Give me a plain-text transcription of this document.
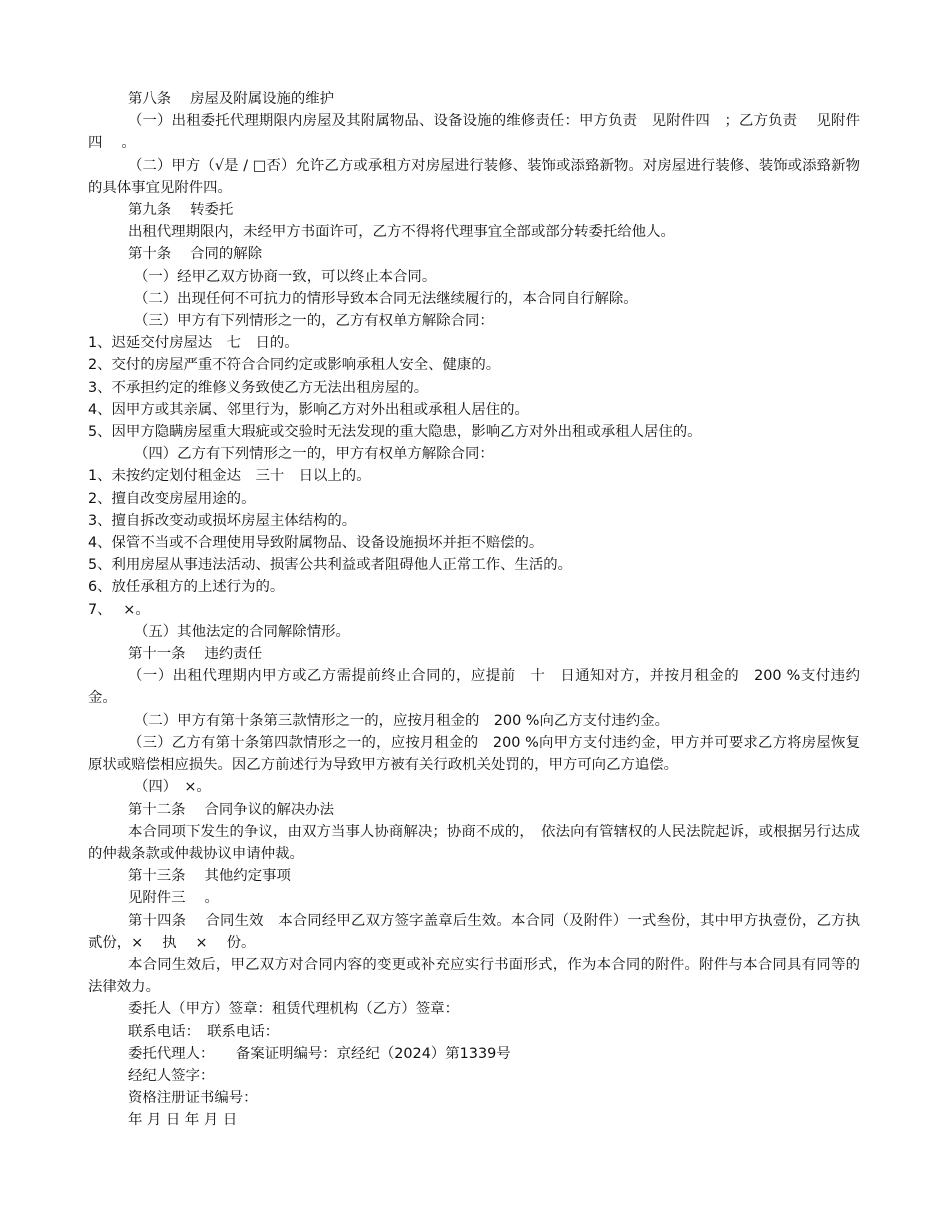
第八条　 房屋及附属设施的维护
（一）出租委托代理期限内房屋及其附属物品、设备设施的维修责任：甲方负责　见附件四　；乙方负责　 见附件四　 。
（二）甲方（√是 / □否）允许乙方或承租方对房屋进行装修、装饰或添臵新物。对房屋进行装修、装饰或添臵新物的具体事宜见附件四。
第九条　 转委托
出租代理期限内，未经甲方书面许可，乙方不得将代理事宜全部或部分转委托给他人。
第十条　 合同的解除
（一）经甲乙双方协商一致，可以终止本合同。
（二）出现任何不可抗力的情形导致本合同无法继续履行的，本合同自行解除。
（三）甲方有下列情形之一的，乙方有权单方解除合同：
1、迟延交付房屋达　七　日的。
2、交付的房屋严重不符合合同约定或影响承租人安全、健康的。
3、不承担约定的维修义务致使乙方无法出租房屋的。
4、因甲方或其亲属、邻里行为，影响乙方对外出租或承租人居住的。
5、因甲方隐瞒房屋重大瑕疵或交验时无法发现的重大隐患，影响乙方对外出租或承租人居住的。
（四）乙方有下列情形之一的，甲方有权单方解除合同：
1、未按约定划付租金达　三十　日以上的。
2、擅自改变房屋用途的。
3、擅自拆改变动或损坏房屋主体结构的。
4、保管不当或不合理使用导致附属物品、设备设施损坏并拒不赔偿的。
5、利用房屋从事违法活动、损害公共利益或者阻碍他人正常工作、生活的。
6、放任承租方的上述行为的。
7、　 ×。
（五）其他法定的合同解除情形。
第十一条　 违约责任
（一）出租代理期内甲方或乙方需提前终止合同的，应提前　十　日通知对方，并按月租金的　200 %支付违约金。
（二）甲方有第十条第三款情形之一的，应按月租金的　200 %向乙方支付违约金。
（三）乙方有第十条第四款情形之一的，应按月租金的　200 %向甲方支付违约金，甲方并可要求乙方将房屋恢复原状或赔偿相应损失。因乙方前述行为导致甲方被有关行政机关处罚的，甲方可向乙方追偿。
（四）　×。
第十二条　 合同争议的解决办法
本合同项下发生的争议，由双方当事人协商解决；协商不成的，　依法向有管辖权的人民法院起诉，或根据另行达成的仲裁条款或仲裁协议申请仲裁。
第十三条　 其他约定事项
见附件三　 。
第十四条　 合同生效　本合同经甲乙双方签字盖章后生效。本合同（及附件）一式叁份，其中甲方执壹份，乙方执贰份，×　 执　 ×　 份。
本合同生效后，甲乙双方对合同内容的变更或补充应实行书面形式，作为本合同的附件。附件与本合同具有同等的法律效力。
委托人（甲方）签章：租赁代理机构（乙方）签章：
联系电话：　联系电话：
委托代理人：　　备案证明编号：京经纪（2024）第1339号
经纪人签字：
资格注册证书编号：
年 月 日 年 月 日
